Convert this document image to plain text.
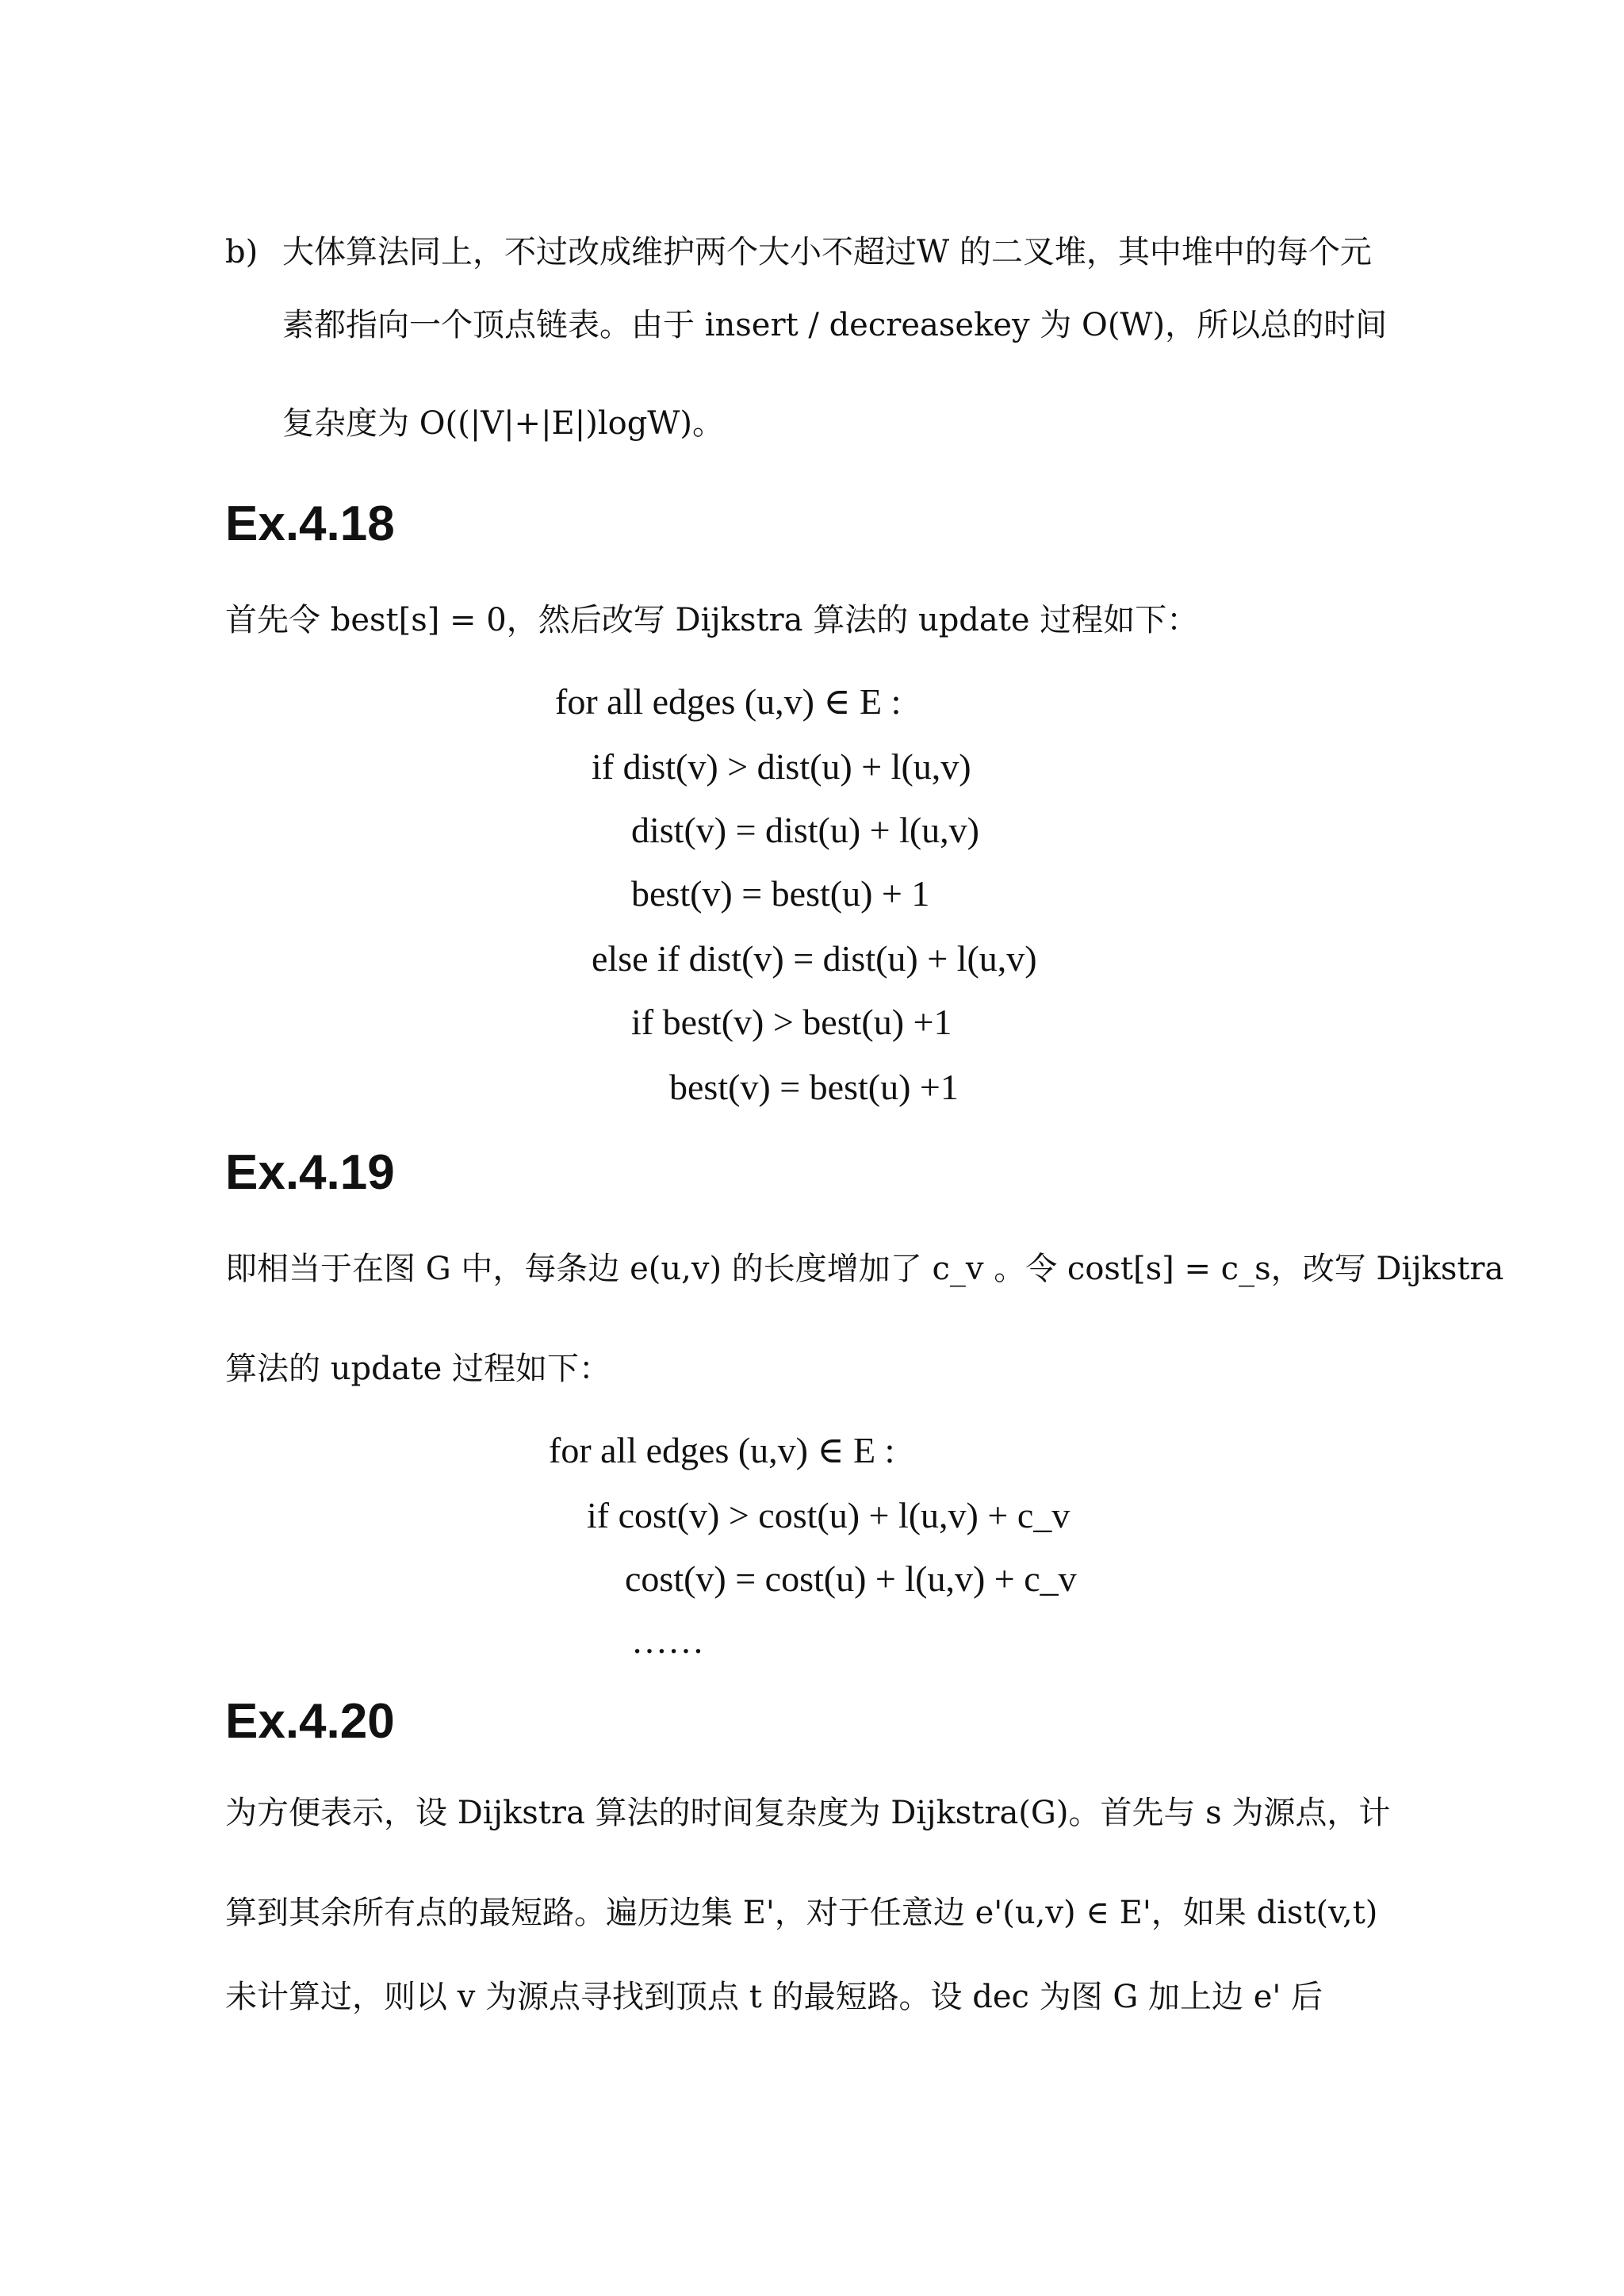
b) 大体算法同上，不过改成维护两个大小不超过W 的二叉堆，其中堆中的每个元
素都指向一个顶点链表。由于 insert / decreasekey 为 O(W)，所以总的时间
复杂度为 O((|V|+|E|)logW)。
Ex.4.18
首先令 best[s] = 0，然后改写 Dijkstra 算法的 update 过程如下：
for all edges (u,v) ∈ E :
if dist(v) > dist(u) + l(u,v)
dist(v) = dist(u) + l(u,v)
best(v) = best(u) + 1
else if dist(v) = dist(u) + l(u,v)
if best(v) > best(u) +1
best(v) = best(u) +1
Ex.4.19
即相当于在图 G 中，每条边 e(u,v) 的长度增加了 c_v 。令 cost[s] = c_s，改写 Dijkstra
算法的 update 过程如下：
for all edges (u,v) ∈ E :
if cost(v) > cost(u) + l(u,v) + c_v
cost(v) = cost(u) + l(u,v) + c_v
……
Ex.4.20
为方便表示，设 Dijkstra 算法的时间复杂度为 Dijkstra(G)。首先与 s 为源点，计
算到其余所有点的最短路。遍历边集 E'，对于任意边 e'(u,v) ∈ E'，如果 dist(v,t)
未计算过，则以 v 为源点寻找到顶点 t 的最短路。设 dec 为图 G 加上边 e' 后
